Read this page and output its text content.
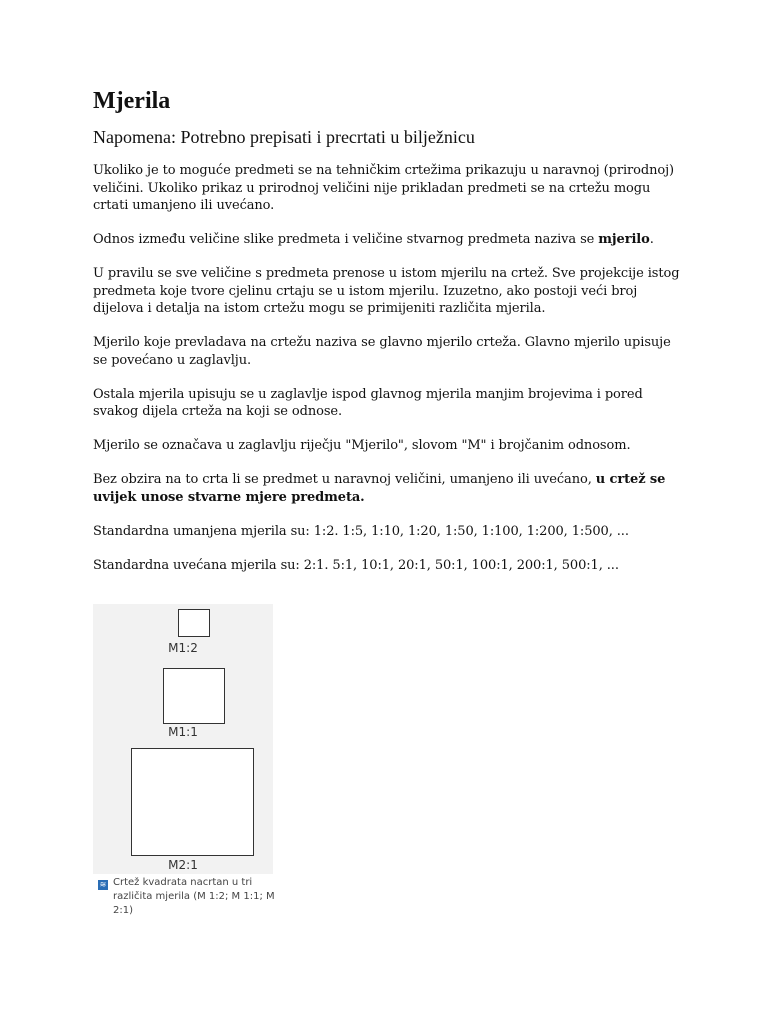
Mjerila
Napomena: Potrebno prepisati i precrtati u bilježnicu

Ukoliko je to moguće predmeti se na tehničkim crtežima prikazuju u naravnoj (prirodnoj) veličini. Ukoliko prikaz u prirodnoj veličini nije prikladan predmeti se na crtežu mogu crtati umanjeno ili uvećano.

Odnos između veličine slike predmeta i veličine stvarnog predmeta naziva se mjerilo.

U pravilu se sve veličine s predmeta prenose u istom mjerilu na crtež. Sve projekcije istog predmeta koje tvore cjelinu crtaju se u istom mjerilu. Izuzetno, ako postoji veći broj dijelova i detalja na istom crtežu mogu se primijeniti različita mjerila.

Mjerilo koje prevladava na crtežu naziva se glavno mjerilo crteža. Glavno mjerilo upisuje se povećano u zaglavlju.

Ostala mjerila upisuju se u zaglavlje ispod glavnog mjerila manjim brojevima i pored svakog dijela crteža na koji se odnose.

Mjerilo se označava u zaglavlju riječju "Mjerilo", slovom "M" i brojčanim odnosom.

Bez obzira na to crta li se predmet u naravnoj veličini, umanjeno ili uvećano, u crtež se uvijek unose stvarne mjere predmeta.

Standardna umanjena mjerila su: 1:2. 1:5, 1:10, 1:20, 1:50, 1:100, 1:200, 1:500, ...

Standardna uvećana mjerila su: 2:1. 5:1, 10:1, 20:1, 50:1, 100:1, 200:1, 500:1, ...

M1:2
M1:1
M2:1
≋ Crtež kvadrata nacrtan u tri različita mjerila (M 1:2; M 1:1; M 2:1)
